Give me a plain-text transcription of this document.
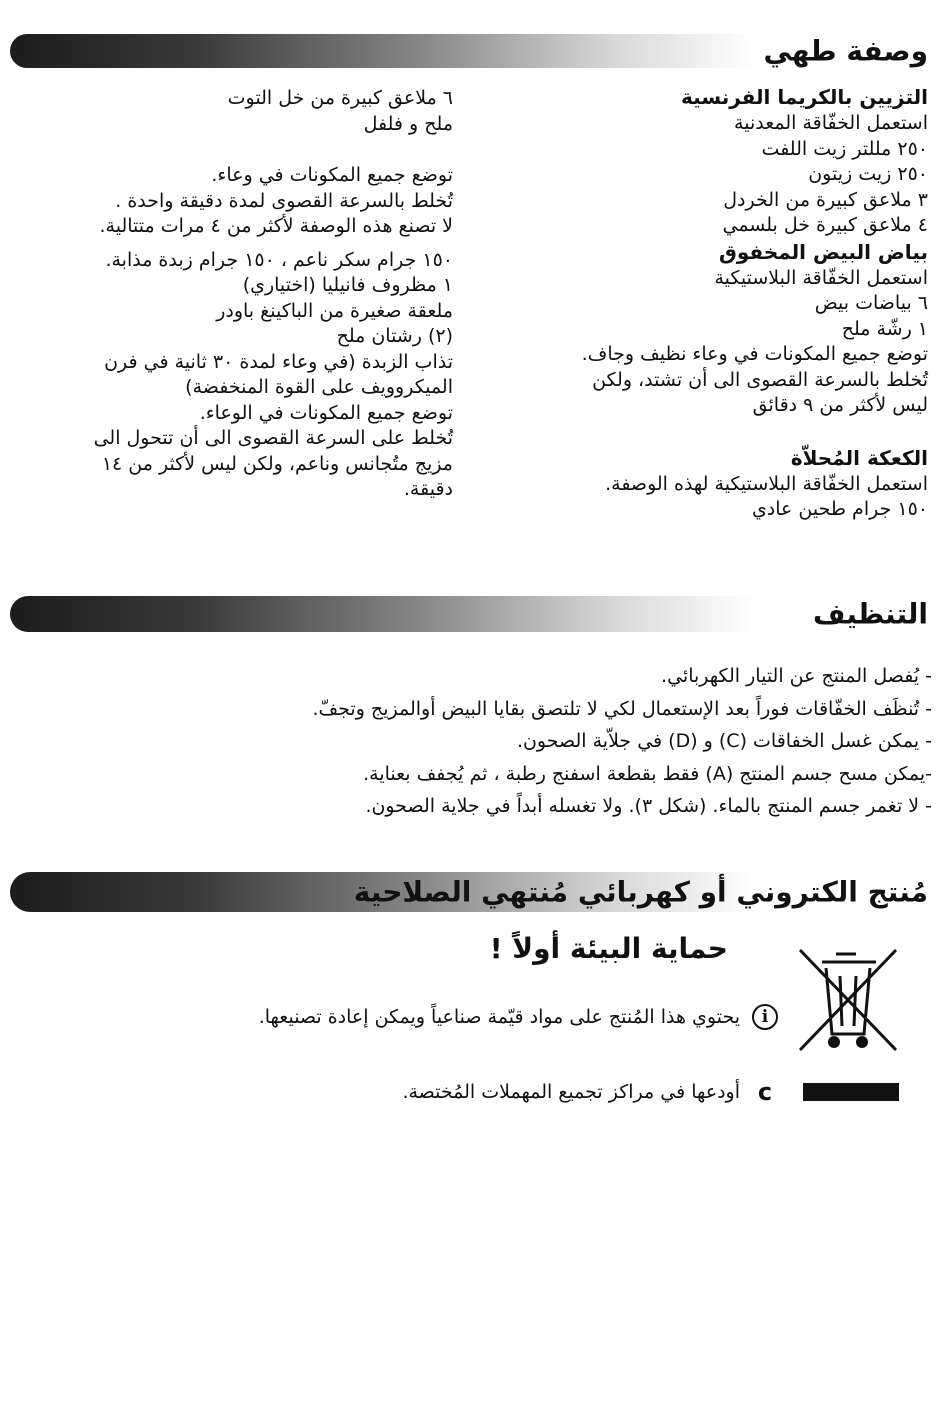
وصفة طهي
التزيين بالكريما الفرنسية
استعمل الخفّاقة المعدنية
٢٥٠ مللتر زيت اللفت
٢٥٠ زيت زيتون
٣ ملاعق كبيرة من الخردل
٤ ملاعق كبيرة خل بلسمي
بياض البيض المخفوق
استعمل الخفّاقة البلاستيكية
٦ بياضات بيض
١ رشّة ملح
توضع جميع المكونات في وعاء نظيف وجاف.
تُخلط بالسرعة القصوى الى أن تشتد، ولكن
ليس لأكثر من ٩ دقائق
الكعكة المُحلاّة
استعمل الخفّاقة البلاستيكية لهذه الوصفة.
١٥٠ جرام طحين عادي
٦ ملاعق كبيرة من خل التوت
ملح و فلفل
توضع جميع المكونات في وعاء.
تُخلط بالسرعة القصوى لمدة دقيقة واحدة .
لا تصنع هذه الوصفة لأكثر من ٤ مرات متتالية.
١٥٠ جرام سكر ناعم ، ١٥٠ جرام زبدة مذابة.
١ مظروف فانيليا (اختياري)
ملعقة صغيرة من الباكينغ باودر
(٢) رشتان ملح
تذاب الزبدة (في وعاء لمدة ٣٠ ثانية في فرن
الميكروويف على القوة المنخفضة)
توضع جميع المكونات في الوعاء.
تُخلط على السرعة القصوى الى أن تتحول الى
مزيج متُجانس وناعم، ولكن ليس لأكثر من ١٤
دقيقة.
التنظيف
- يُفصل المنتج عن التيار الكهربائي.
- تُنظَف الخفّاقات فوراً بعد الإستعمال لكي لا تلتصق بقايا البيض أوالمزيج وتجفّ.
- يمكن غسل الخفاقات (C) و (D) في جلاّية الصحون.
-يمكن مسح جسم المنتج (A) فقط بقطعة اسفنج رطبة ، ثم يُجفف بعناية.
- لا تغمر جسم المنتج بالماء. (شكل ٣). ولا تغسله أبداً في جلاية الصحون.
مُنتج الكتروني أو كهربائي مُنتهي الصلاحية
حماية البيئة أولاً !
i
يحتوي هذا المُنتج على مواد قيّمة صناعياً ويمكن إعادة تصنيعها.
c
أودعها في مراكز تجميع المهملات المُختصة.
